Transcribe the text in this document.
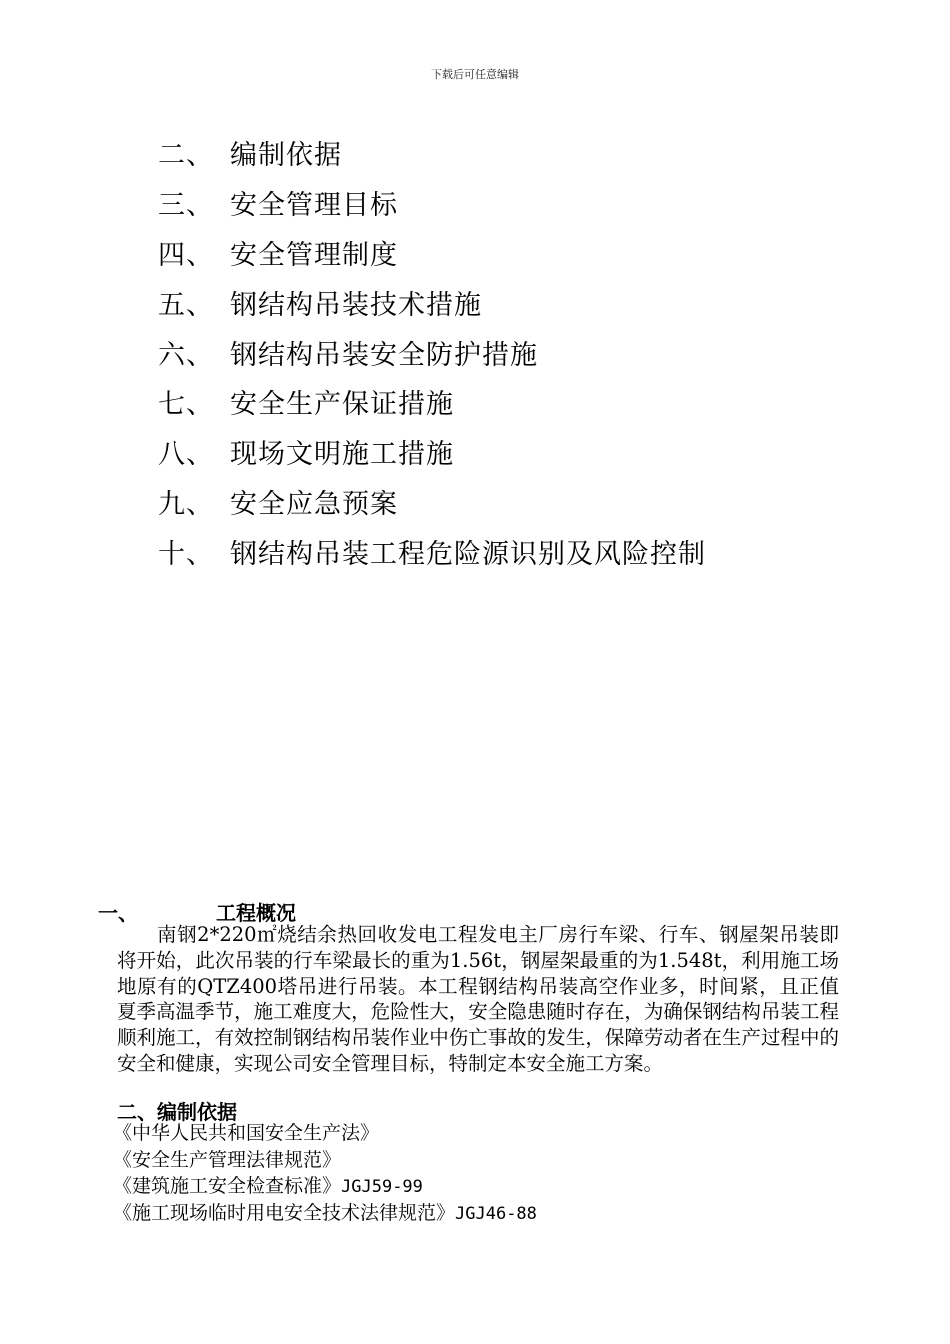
下载后可任意编辑
二、 编制依据
三、 安全管理目标
四、 安全管理制度
五、 钢结构吊装技术措施
六、 钢结构吊装安全防护措施
七、 安全生产保证措施
八、 现场文明施工措施
九、 安全应急预案
十、 钢结构吊装工程危险源识别及风险控制
一、	工程概况
南钢2*220㎡烧结余热回收发电工程发电主厂房行车梁、行车、钢屋架吊装即将开始，此次吊装的行车梁最长的重为1.56t，钢屋架最重的为1.548t，利用施工场地原有的QTZ400塔吊进行吊装。本工程钢结构吊装高空作业多，时间紧，且正值夏季高温季节，施工难度大，危险性大，安全隐患随时存在，为确保钢结构吊装工程顺利施工，有效控制钢结构吊装作业中伤亡事故的发生，保障劳动者在生产过程中的安全和健康，实现公司安全管理目标，特制定本安全施工方案。
二、编制依据
《中华人民共和国安全生产法》
《安全生产管理法律规范》
《建筑施工安全检查标准》JGJ59-99
《施工现场临时用电安全技术法律规范》JGJ46-88
